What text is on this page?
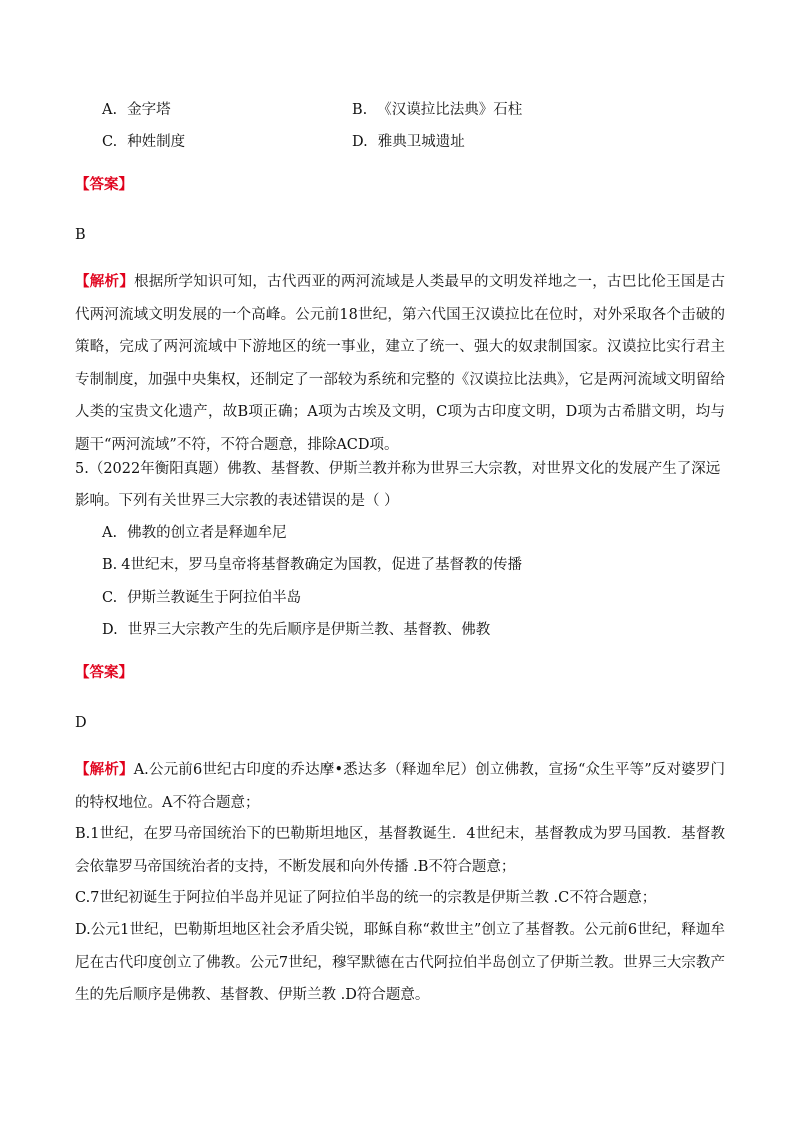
A. 金字塔	B. 《汉谟拉比法典》石柱
C. 种姓制度	D. 雅典卫城遗址
【答案】
B
【解析】根据所学知识可知，古代西亚的两河流域是人类最早的文明发祥地之一，古巴比伦王国是古代两河流域文明发展的一个高峰。公元前18世纪，第六代国王汉谟拉比在位时，对外采取各个击破的策略，完成了两河流域中下游地区的统一事业，建立了统一、强大的奴隶制国家。汉谟拉比实行君主专制制度，加强中央集权，还制定了一部较为系统和完整的《汉谟拉比法典》，它是两河流域文明留给人类的宝贵文化遗产，故B项正确；A项为古埃及文明，C项为古印度文明，D项为古希腊文明，均与题干“两河流域”不符，不符合题意，排除ACD项。
5.（2022年衡阳真题）佛教、基督教、伊斯兰教并称为世界三大宗教，对世界文化的发展产生了深远
影响。下列有关世界三大宗教的表述错误的是（ ）
A. 佛教的创立者是释迦牟尼
B. 4世纪末，罗马皇帝将基督教确定为国教，促进了基督教的传播
C. 伊斯兰教诞生于阿拉伯半岛
D. 世界三大宗教产生的先后顺序是伊斯兰教、基督教、佛教
【答案】
D
【解析】A.公元前6世纪古印度的乔达摩•悉达多（释迦牟尼）创立佛教，宣扬“众生平等”反对婆罗门的特权地位。A不符合题意；
B.1世纪，在罗马帝国统治下的巴勒斯坦地区，基督教诞生．4世纪末，基督教成为罗马国教．基督教会依靠罗马帝国统治者的支持，不断发展和向外传播 .B不符合题意；
C.7世纪初诞生于阿拉伯半岛并见证了阿拉伯半岛的统一的宗教是伊斯兰教 .C不符合题意；
D.公元1世纪，巴勒斯坦地区社会矛盾尖锐，耶稣自称“救世主”创立了基督教。公元前6世纪，释迦牟尼在古代印度创立了佛教。公元7世纪，穆罕默德在古代阿拉伯半岛创立了伊斯兰教。世界三大宗教产生的先后顺序是佛教、基督教、伊斯兰教 .D符合题意。
